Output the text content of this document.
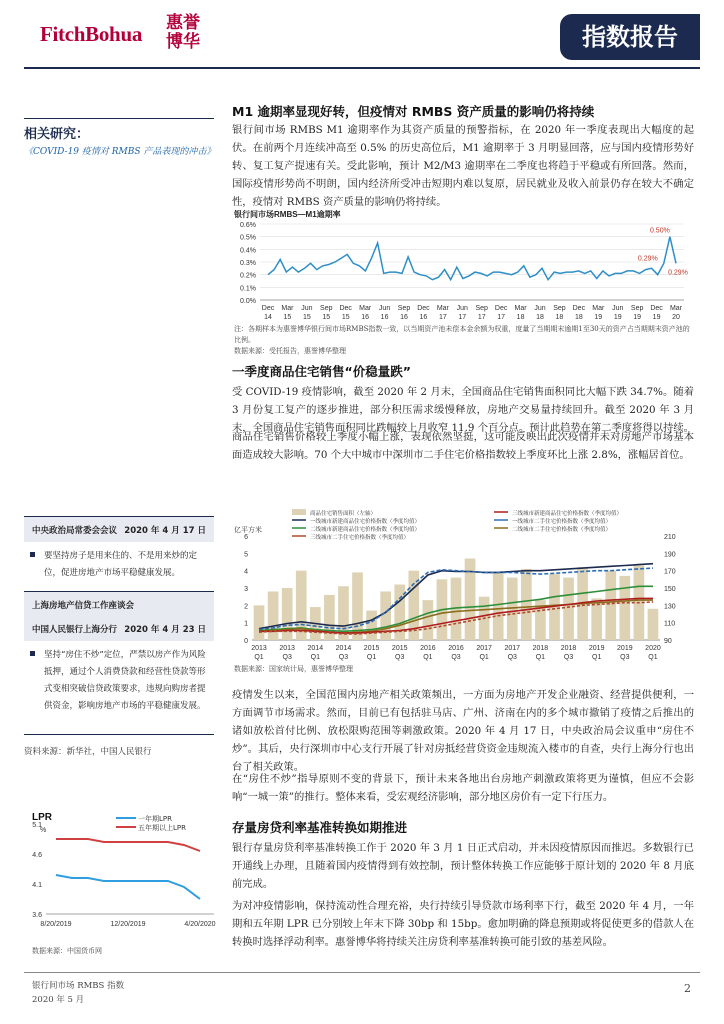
FitchBohua 惠誉
博华	指数报告
相关研究：
《COVID-19 疫情对 RMBS 产品表现的冲击》
中央政治局常委会会议 2020 年 4 月 17 日
要坚持房子是用来住的、不是用来炒的定位，促进房地产市场平稳健康发展。
上海房地产信贷工作座谈会
中国人民银行上海分行 2020 年 4 月 23 日
坚持“房住不炒”定位，严禁以房产作为风险抵押，通过个人消费贷款和经营性贷款等形式变相突破信贷政策要求，违规向购房者提供资金，影响房地产市场的平稳健康发展。
资料来源：新华社，中国人民银行
LPR
%
3.6
4.1
4.6
5.1
一年期LPR
五年期以上LPR
8/20/2019	12/20/2019	4/20/2020
数据来源：中国货币网
M1 逾期率显现好转，但疫情对 RMBS 资产质量的影响仍将持续
银行间市场 RMBS M1 逾期率作为其资产质量的预警指标，在 2020 年一季度表现出大幅度的起伏。在前两个月连续冲高至 0.5% 的历史高位后，M1 逾期率于 3 月明显回落，应与国内疫情形势好转、复工复产提速有关。受此影响，预计 M2/M3 逾期率在二季度也将趋于平稳或有所回落。然而，国际疫情形势尚不明朗，国内经济所受冲击短期内难以复原，居民就业及收入前景仍存在较大不确定性，疫情对 RMBS 资产质量的影响仍将持续。
银行间市场RMBS—M1逾期率
0.0%
0.1%
0.2%
0.3%
0.4%
0.5%
0.6%
Dec
14
Mar
15
Jun
15
Sep
15
Dec
15
Mar
16
Jun
16
Sep
16
Dec
16
Mar
17
Jun
17
Sep
17
Dec
17
Mar
18
Jun
18
Sep
18
Dec
18
Mar
19
Jun
19
Sep
19
Dec
19
Mar
20
0.50%
0.29%
0.29%
注：各期样本为惠誉博华银行间市场RMBS指数一致，以当期资产池未偿本金余额为权重，度量了当期期末逾期1至30天的资产占当期期末资产池的比例。
数据来源：受托报告，惠誉博华整理
一季度商品住宅销售“价稳量跌”
受 COVID-19 疫情影响，截至 2020 年 2 月末，全国商品住宅销售面积同比大幅下跌 34.7%。随着 3 月份复工复产的逐步推进，部分积压需求缓慢释放，房地产交易量持续回升。截至 2020 年 3 月末，全国商品住宅销售面积同比跌幅较上月收窄 11.9 个百分点。预计此趋势在第二季度将得以持续。
商品住宅销售价格较上季度小幅上涨，表现依然坚挺，这可能反映出此次疫情并未对房地产市场基本面造成较大影响。70 个大中城市中深圳市二手住宅价格指数较上季度环比上涨 2.8%，涨幅居首位。
0
1
2
3
4
5
6
90
110
130
150
170
190
210
亿平方米
2013
Q1
2013
Q3
2014
Q1
2014
Q3
2015
Q1
2015
Q3
2016
Q1
2016
Q3
2017
Q1
2017
Q3
2018
Q1
2018
Q3
2019
Q1
2019
Q3
2020
Q1
商品住宅销售面积（左轴）
一线城市新建商品住宅价格指数（季度均值）
二线城市新建商品住宅价格指数（季度均值）
三线城市新建商品住宅价格指数（季度均值）
一线城市二手住宅价格指数（季度均值）
二线城市二手住宅价格指数（季度均值）
三线城市二手住宅价格指数（季度均值）
数据来源：国家统计局，惠誉博华整理
疫情发生以来，全国范围内房地产相关政策频出，一方面为房地产开发企业融资、经营提供便利，一方面调节市场需求。然而，目前已有包括驻马店、广州、济南在内的多个城市撤销了疫情之后推出的诸如放松首付比例、放松限购范围等刺激政策。2020 年 4 月 17 日，中央政治局会议重申“房住不炒”。其后，央行深圳市中心支行开展了针对房抵经营贷资金违规流入楼市的自查，央行上海分行也出台了相关政策。
在“房住不炒”指导原则不变的背景下，预计未来各地出台房地产刺激政策将更为谨慎，但应不会影响“一城一策”的推行。整体来看，受宏观经济影响，部分地区房价有一定下行压力。
存量房贷利率基准转换如期推进
银行存量房贷利率基准转换工作于 2020 年 3 月 1 日正式启动，并未因疫情原因而推迟。多数银行已开通线上办理，且随着国内疫情得到有效控制，预计整体转换工作应能够于原计划的 2020 年 8 月底前完成。
为对冲疫情影响，保持流动性合理充裕，央行持续引导贷款市场利率下行，截至 2020 年 4 月，一年期和五年期 LPR 已分别较上年末下降 30bp 和 15bp。愈加明确的降息预期或将促使更多的借款人在转换时选择浮动利率。惠誉博华将持续关注房贷利率基准转换可能引致的基差风险。
银行间市场 RMBS 指数
2020 年 5 月
2
